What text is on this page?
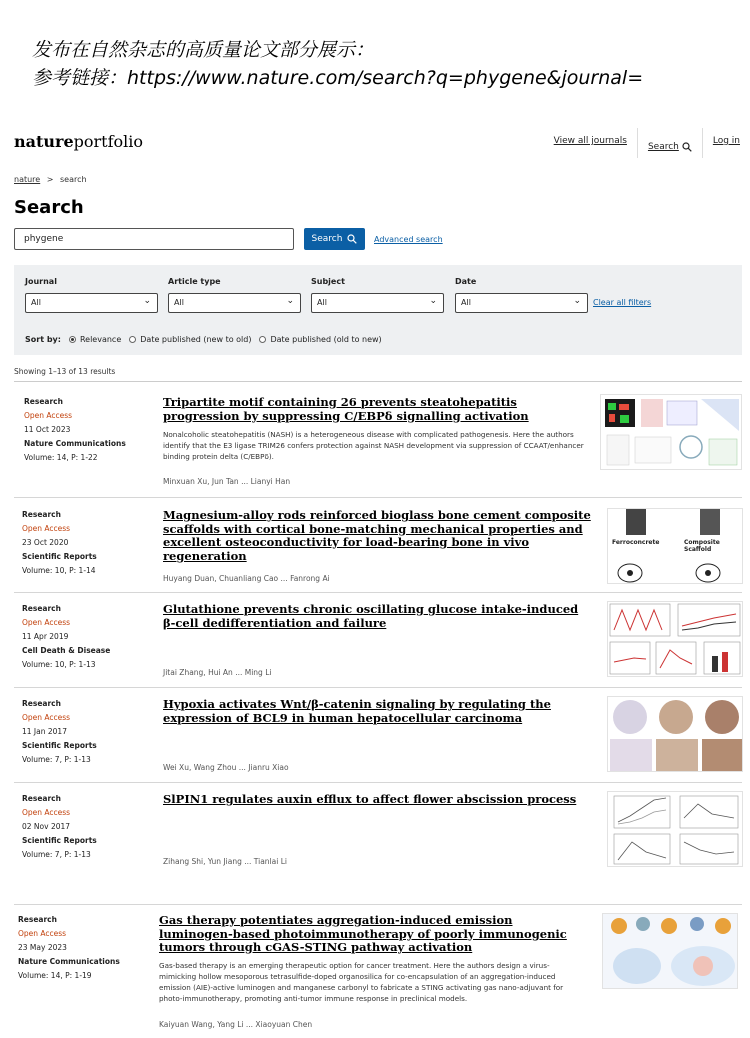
发布在自然杂志的高质量论文部分展示：
参考链接：https://www.nature.com/search?q=phygene&journal=
natureportfolio	View all journals
Search
Log in
nature > search
Search
phygene	Search	Advanced search
Journal
All	⌄
Article type
All	⌄
Subject
All	⌄
Date
All	⌄ Clear all filters
Sort by:	Relevance	Date published (new to old)	Date published (old to new)
Showing 1–13 of 13 results
Research
Open Access
11 Oct 2023
Nature Communications
Volume: 14, P: 1-22
Tripartite motif containing 26 prevents steatohepatitis progression by suppressing C/EBPδ signalling activation
Nonalcoholic steatohepatitis (NASH) is a heterogeneous disease with complicated pathogenesis. Here the authors identify that the E3 ligase TRIM26 confers protection against NASH development via suppression of CCAAT/enhancer binding protein delta (C/EBPδ).
Minxuan Xu, Jun Tan ... Lianyi Han
Research
Open Access
23 Oct 2020
Scientific Reports
Volume: 10, P: 1-14
Magnesium-alloy rods reinforced bioglass bone cement composite scaffolds with cortical bone-matching mechanical properties and excellent osteoconductivity for load-bearing bone in vivo regeneration
Huyang Duan, Chuanliang Cao ... Fanrong Ai
Ferroconcrete	Composite Scaffold
Research
Open Access
11 Apr 2019
Cell Death & Disease
Volume: 10, P: 1-13
Glutathione prevents chronic oscillating glucose intake-induced β-cell dedifferentiation and failure
Jitai Zhang, Hui An ... Ming Li
Research
Open Access
11 Jan 2017
Scientific Reports
Volume: 7, P: 1-13
Hypoxia activates Wnt/β-catenin signaling by regulating the expression of BCL9 in human hepatocellular carcinoma
Wei Xu, Wang Zhou ... Jianru Xiao
Research
Open Access
02 Nov 2017
Scientific Reports
Volume: 7, P: 1-13
SlPIN1 regulates auxin efflux to affect flower abscission process
Zihang Shi, Yun Jiang ... Tianlai Li
Research
Open Access
23 May 2023
Nature Communications
Volume: 14, P: 1-19
Gas therapy potentiates aggregation-induced emission luminogen-based photoimmunotherapy of poorly immunogenic tumors through cGAS-STING pathway activation
Gas-based therapy is an emerging therapeutic option for cancer treatment. Here the authors design a virus-mimicking hollow mesoporous tetrasulfide-doped organosilica for co-encapsulation of an aggregation-induced emission (AIE)-active luminogen and manganese carbonyl to fabricate a STING activating gas nano-adjuvant for photo-immunotherapy, promoting anti-tumor immune response in preclinical models.
Kaiyuan Wang, Yang Li ... Xiaoyuan Chen
